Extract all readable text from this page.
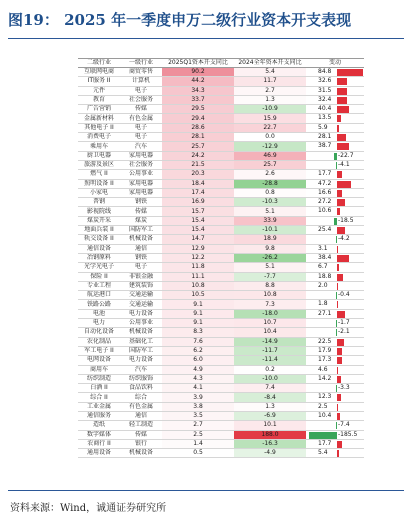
图19： 2025 年一季度申万二级行业资本开支表现
二级行业	一级行业	2025Q1资本开支同比	2024全年资本开支同比	变动
互联网电商	商贸零售	90.2	5.4	84.8

IT服务 II	计算机	44.2	11.7	32.6

元件	电子	34.3	2.7	31.5

教育	社会服务	33.7	1.3	32.4

广告营销	传媒	29.5	-10.9	40.4

金属新材料	有色金属	29.4	15.9	13.5

其他电子 II	电子	28.6	22.7	5.9

消费电子	电子	28.1	0.0	28.1

乘用车	汽车	25.7	-12.9	38.7

厨卫电器	家用电器	24.2	46.9	-22.7

旅游及景区	社会服务	21.5	25.7	-4.1

燃气 II	公用事业	20.3	2.6	17.7

照明设备 II	家用电器	18.4	-28.8	47.2

小家电	家用电器	17.4	0.8	16.6

普钢	钢铁	16.9	-10.3	27.2

影视院线	传媒	15.7	5.1	10.6

煤炭开采	煤炭	15.4	33.9	-18.5

地面兵装 II	国防军工	15.4	-10.1	25.4

轨交设备 II	机械设备	14.7	18.9	-4.2

通信设备	通信	12.9	9.8	3.1

冶钢原料	钢铁	12.2	-26.2	38.4

光学光电子	电子	11.8	5.1	6.7

保险 II	非银金融	11.1	-7.7	18.8

专业工程	建筑装饰	10.8	8.8	2.0

航运港口	交通运输	10.5	10.8	-0.4

铁路公路	交通运输	9.1	7.3	1.8

电池	电力设备	9.1	-18.0	27.1

电力	公用事业	9.1	10.7	-1.7

自动化设备	机械设备	8.3	10.4	-2.1

农化制品	基础化工	7.6	-14.9	22.5

军工电子 II	国防军工	6.2	-11.7	17.9

电网设备	电力设备	6.0	-11.4	17.3

商用车	汽车	4.9	0.2	4.6

纺织制造	纺织服饰	4.3	-10.0	14.2

白酒 II	食品饮料	4.1	7.4	-3.3

综合 II	综合	3.9	-8.4	12.3

工业金属	有色金属	3.8	1.3	2.5

通信服务	通信	3.5	-6.9	10.4

造纸	轻工制造	2.7	10.1	-7.4

数字媒体	传媒	2.5	188.0	-185.5

农商行 II	银行	1.4	-16.3	17.7

通用设备	机械设备	0.5	-4.9	5.4
资料来源：Wind，诚通证券研究所
